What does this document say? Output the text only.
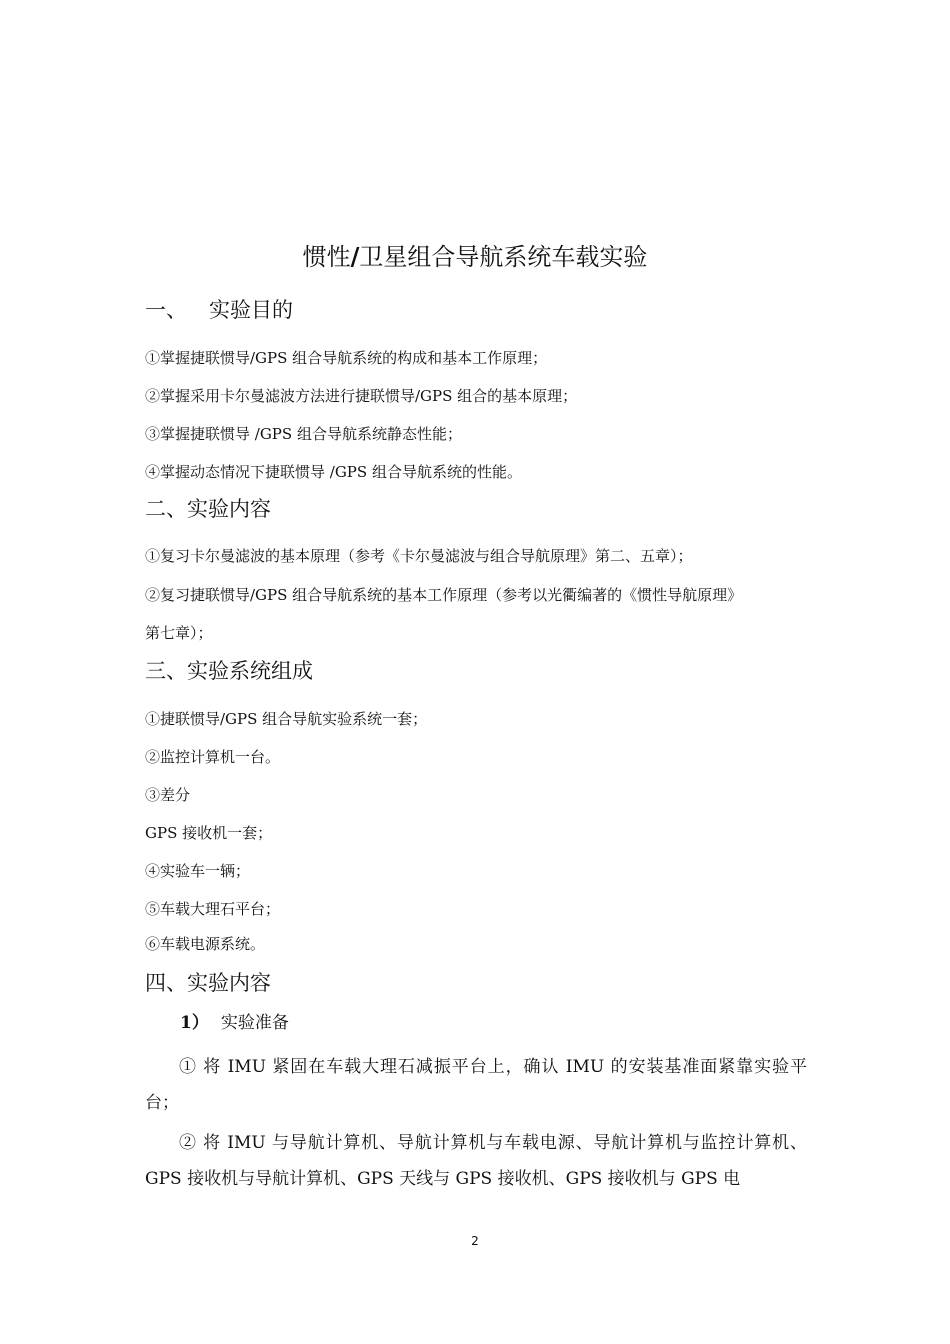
惯性/卫星组合导航系统车载实验
一、 实验目的
①掌握捷联惯导/GPS 组合导航系统的构成和基本工作原理；
②掌握采用卡尔曼滤波方法进行捷联惯导/GPS 组合的基本原理；
③掌握捷联惯导 /GPS 组合导航系统静态性能；
④掌握动态情况下捷联惯导 /GPS 组合导航系统的性能。
二、实验内容
①复习卡尔曼滤波的基本原理（参考《卡尔曼滤波与组合导航原理》第二、五章）；
②复习捷联惯导/GPS 组合导航系统的基本工作原理（参考以光衢编著的《惯性导航原理》
第七章）；
三、实验系统组成
①捷联惯导/GPS 组合导航实验系统一套；
②监控计算机一台。
③差分
GPS 接收机一套；
④实验车一辆；
⑤车载大理石平台；
⑥车载电源系统。
四、实验内容
1） 实验准备
① 将 IMU 紧固在车载大理石减振平台上，确认 IMU 的安装基准面紧靠实验平台；
② 将 IMU 与导航计算机、导航计算机与车载电源、导航计算机与监控计算机、GPS 接收机与导航计算机、GPS 天线与 GPS 接收机、GPS 接收机与 GPS 电
2
